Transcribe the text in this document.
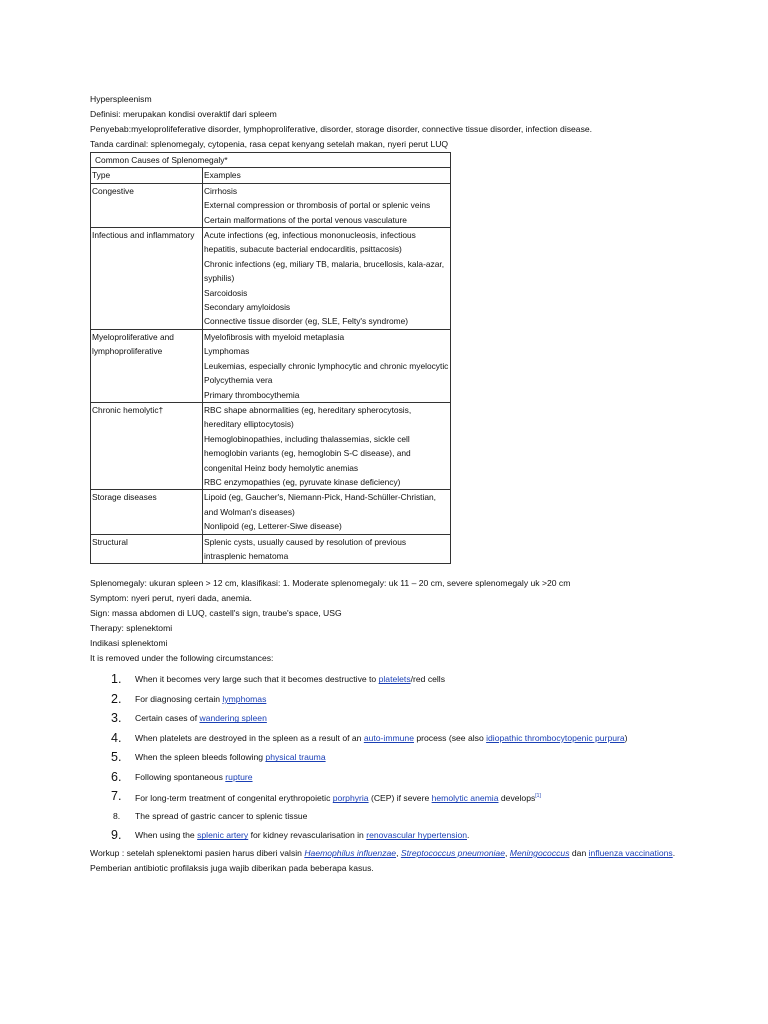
Hyperspleenism
Definisi: merupakan kondisi overaktif dari spleem
Penyebab:myeloprolifeferative disorder, lymphoproliferative, disorder, storage disorder, connective tissue disorder, infection disease.
Tanda cardinal: splenomegaly, cytopenia, rasa cepat kenyang setelah makan, nyeri perut LUQ
Common Causes of Splenomegaly*	
Type	Examples
Congestive	Cirrhosis
External compression or thrombosis of portal or splenic veins
Certain malformations of the portal venous vasculature

Infectious and inflammatory	Acute infections (eg, infectious mononucleosis, infectious hepatitis, subacute bacterial endocarditis, psittacosis)
Chronic infections (eg, miliary TB, malaria, brucellosis, kala-azar, syphilis)
Sarcoidosis
Secondary amyloidosis
Connective tissue disorder (eg, SLE, Felty's syndrome)

Myeloproliferative and lymphoproliferative	Myelofibrosis with myeloid metaplasia
Lymphomas
Leukemias, especially chronic lymphocytic and chronic myelocytic
Polycythemia vera
Primary thrombocythemia

Chronic hemolytic†	RBC shape abnormalities (eg, hereditary spherocytosis, hereditary elliptocytosis)
Hemoglobinopathies, including thalassemias, sickle cell hemoglobin variants (eg, hemoglobin S-C disease), and congenital Heinz body hemolytic anemias
RBC enzymopathies (eg, pyruvate kinase deficiency)

Storage diseases	Lipoid (eg, Gaucher's, Niemann-Pick, Hand-Schüller-Christian, and Wolman's diseases)
Nonlipoid (eg, Letterer-Siwe disease)

Structural	Splenic cysts, usually caused by resolution of previous intrasplenic hematoma
Splenomegaly: ukuran spleen > 12 cm, klasifikasi: 1. Moderate splenomegaly: uk 11 – 20 cm, severe splenomegaly uk >20 cm
Symptom: nyeri perut, nyeri dada, anemia.
Sign: massa abdomen di LUQ, castell's sign, traube's space, USG
Therapy: splenektomi
Indikasi splenektomi
It is removed under the following circumstances:
1. When it becomes very large such that it becomes destructive to platelets/red cells
2. For diagnosing certain lymphomas
3. Certain cases of wandering spleen
4. When platelets are destroyed in the spleen as a result of an auto-immune process (see also idiopathic thrombocytopenic purpura)
5. When the spleen bleeds following physical trauma
6. Following spontaneous rupture
7. For long-term treatment of congenital erythropoietic porphyria (CEP) if severe hemolytic anemia develops[1]
8. The spread of gastric cancer to splenic tissue
9. When using the splenic artery for kidney revascularisation in renovascular hypertension.
Workup : setelah splenektomi pasien harus diberi valsin Haemophilus influenzae, Streptococcus pneumoniae, Meningococcus dan influenza vaccinations. Pemberian antibiotic profilaksis juga wajib diberikan pada beberapa kasus.
